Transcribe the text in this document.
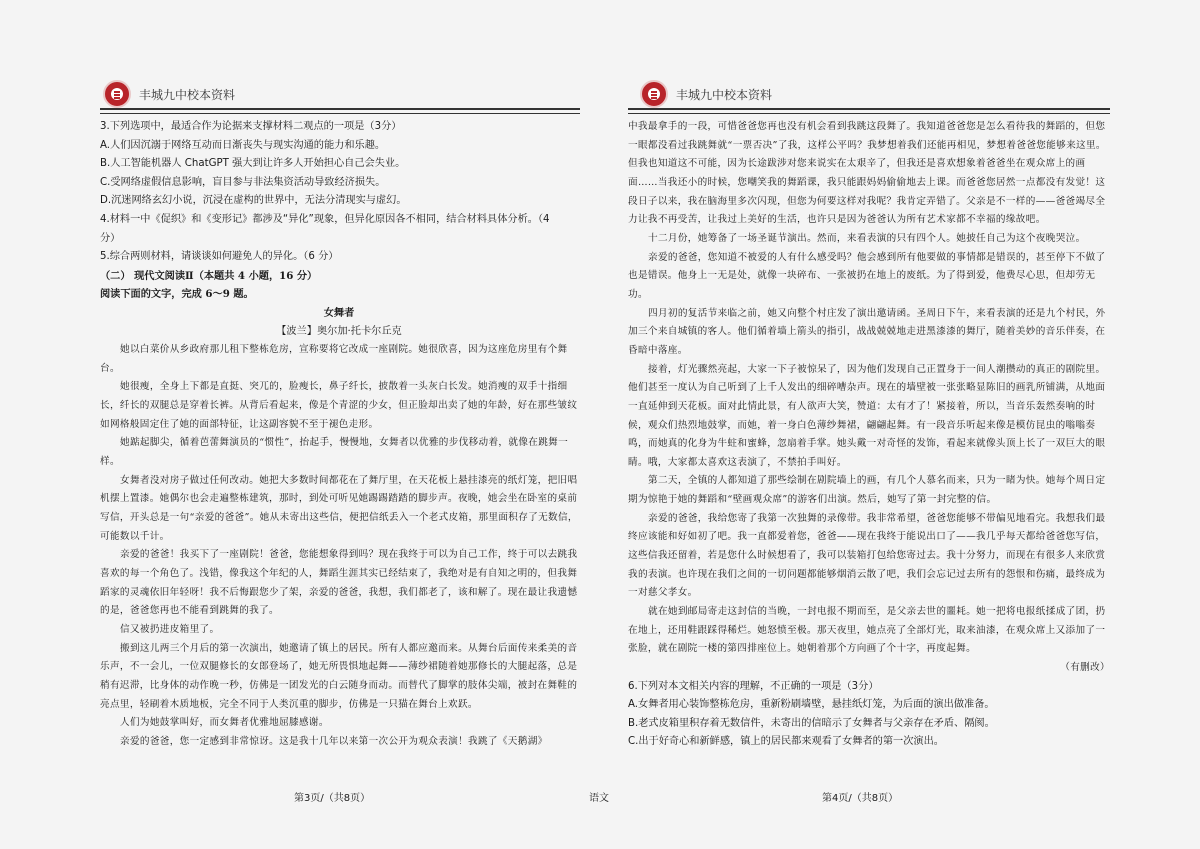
丰城九中校本资料

3.下列选项中，最适合作为论据来支撑材料二观点的一项是（3分）

A.人们因沉溺于网络互动而日渐丧失与现实沟通的能力和乐趣。

B.人工智能机器人 ChatGPT 强大到让许多人开始担心自己会失业。

C.受网络虚假信息影响，盲目参与非法集资活动导致经济损失。

D.沉迷网络玄幻小说，沉浸在虚构的世界中，无法分清现实与虚幻。

4.材料一中《促织》和《变形记》都涉及“异化”现象，但异化原因各不相同，结合材料具体分析。（4

分）

5.综合两则材料，请谈谈如何避免人的异化。（6 分）

（二） 现代文阅读Ⅱ（本题共 4 小题，16 分）

阅读下面的文字，完成 6～9 题。

女舞者

【波兰】奥尔加·托卡尔丘克

她以白菜价从乡政府那儿租下整栋危房，宣称要将它改成一座剧院。她很欣喜，因为这座危房里有个舞台。

她很瘦，全身上下都是直挺、突兀的，脸瘦长，鼻子纤长，披散着一头灰白长发。她消瘦的双手十指细长，纤长的双腿总是穿着长裤。从背后看起来，像是个青涩的少女，但正脸却出卖了她的年龄，好在那些皱纹如网格般固定住了她的面部特征，让这副容貌不至于褪色走形。

她踮起脚尖，循着芭蕾舞演员的“惯性”，抬起手，慢慢地，女舞者以优雅的步伐移动着，就像在跳舞一样。

女舞者没对房子做过任何改动。她把大多数时间都花在了舞厅里，在天花板上悬挂漆亮的纸灯笼，把旧唱机摆上置漆。她偶尔也会走遍整栋建筑，那时，到处可听见她踢踢踏踏的脚步声。夜晚，她会坐在卧室的桌前写信，开头总是一句“亲爱的爸爸”。她从未寄出这些信，便把信纸丢入一个老式皮箱，那里面积存了无数信，可能数以千计。

亲爱的爸爸！我买下了一座剧院！爸爸，您能想象得到吗？现在我终于可以为自己工作，终于可以去跳我喜欢的每一个角色了。浅错，像我这个年纪的人，舞蹈生涯其实已经结束了，我绝对是有自知之明的，但我舞蹈家的灵魂依旧年轻呀！我不后悔跟您少了架，亲爱的爸爸，我想，我们都老了，该和解了。现在最让我遗憾的是，爸爸您再也不能看到跳舞的我了。

信又被扔进皮箱里了。

搬到这儿两三个月后的第一次演出，她邀请了镇上的居民。所有人都应邀而来。从舞台后面传来柔美的音乐声，不一会儿，一位双腿修长的女郎登场了，她无所畏惧地起舞——薄纱裙随着她那修长的大腿起落，总是稍有迟滞，比身体的动作晚一秒，仿佛是一团发光的白云随身而动。而替代了脚掌的肢体尖端，被封在舞鞋的亮点里，轻刷着木质地板，完全不同于人类沉重的脚步，仿佛是一只猫在舞台上欢跃。

人们为她鼓掌叫好，而女舞者优雅地屈膝感谢。

亲爱的爸爸，您一定感到非常惊讶。这是我十几年以来第一次公开为观众表演！我跳了《天鹅湖》

第3页/（共8页）	语文
丰城九中校本资料

中我最拿手的一段，可惜爸爸您再也没有机会看到我跳这段舞了。我知道爸爸您是怎么看待我的舞蹈的，但您一眼都没看过我跳舞就“一票否决”了我，这样公平吗？我梦想着我们还能再相见，梦想着爸爸您能够来这里。但我也知道这不可能，因为长途跋涉对您来说实在太艰辛了，但我还是喜欢想象着爸爸坐在观众席上的画面……当我还小的时候，您嘲笑我的舞蹈课，我只能跟妈妈偷偷地去上课。而爸爸您居然一点都没有发觉！这段日子以来，我在脑海里多次闪现，但您为何要这样对我呢？我肯定弄错了。父亲是不一样的——爸爸竭尽全力让我不再受苦，让我过上美好的生活，也许只是因为爸爸认为所有艺术家都不幸福的缘故吧。

十二月份，她筹备了一场圣诞节演出。然而，来看表演的只有四个人。她披任自己为这个夜晚哭泣。

亲爱的爸爸，您知道不被爱的人有什么感受吗？他会感到所有他要做的事情都是错误的，甚至停下不做了也是错误。他身上一无是处，就像一块碎布、一张被扔在地上的废纸。为了得到爱，他费尽心思，但却劳无功。

四月初的复活节来临之前，她又向整个村庄发了演出邀请函。圣周日下午，来看表演的还是九个村民，外加三个来自城镇的客人。他们循着墙上箭头的指引，战战兢兢地走进黑漆漆的舞厅，随着美妙的音乐伴奏，在昏暗中落座。

接着，灯光骤然亮起，大家一下子被惊呆了，因为他们发现自己正置身于一间人潮攒动的真正的剧院里。他们甚至一度认为自己听到了上千人发出的细碎嘈杂声。现在的墙壁被一张张略显陈旧的画乳所铺满，从地面一直延伸到天花板。面对此情此景，有人欲声大笑，赞道：太有才了！紧接着，所以，当音乐轰然奏响的时候，观众们热烈地鼓掌，而她，着一身白色薄纱舞裙，翩翩起舞。有一段音乐听起来像是模仿昆虫的嗡嗡奏鸣，而她真的化身为牛蛀和蜜蜂，忽扇着手掌。她头戴一对奇怪的发饰，看起来就像头顶上长了一双巨大的眼睛。哦，大家都太喜欢这表演了，不禁拍手叫好。

第二天，全镇的人都知道了那些绘制在剧院墙上的画，有几个人慕名而来，只为一睹为快。她每个周日定期为惊艳于她的舞蹈和“壁画观众席”的游客们出演。然后，她写了第一封完整的信。

亲爱的爸爸，我给您寄了我第一次独舞的录像带。我非常希望，爸爸您能够不带偏见地看完。我想我们最终应该能和好如初了吧。我一直都爱着您，爸爸——现在我终于能说出口了——我几乎每天都给爸爸您写信，这些信我还留着，若是您什么时候想看了，我可以装箱打包给您寄过去。我十分努力，而现在有很多人来欣赏我的表演。也许现在我们之间的一切问题都能够烟消云散了吧，我们会忘记过去所有的怨恨和伤痛，最终成为一对慈父孝女。

就在她到邮局寄走这封信的当晚，一封电报不期而至，是父亲去世的噩耗。她一把将电报纸揉成了团，扔在地上，还用鞋跟踩得稀烂。她怒愤至极。那天夜里，她点亮了全部灯光，取来油漆，在观众席上又添加了一张脸，就在剧院一楼的第四排座位上。她朝着那个方向画了个十字，再度起舞。

（有删改）

6.下列对本文相关内容的理解，不正确的一项是（3分）

A.女舞者用心装饰整栋危房，重新粉刷墙壁，悬挂纸灯笼，为后面的演出做准备。

B.老式皮箱里积存着无数信件，未寄出的信暗示了女舞者与父亲存在矛盾、隔阂。

C.出于好奇心和新鲜感，镇上的居民都来观看了女舞者的第一次演出。

第4页/（共8页）
